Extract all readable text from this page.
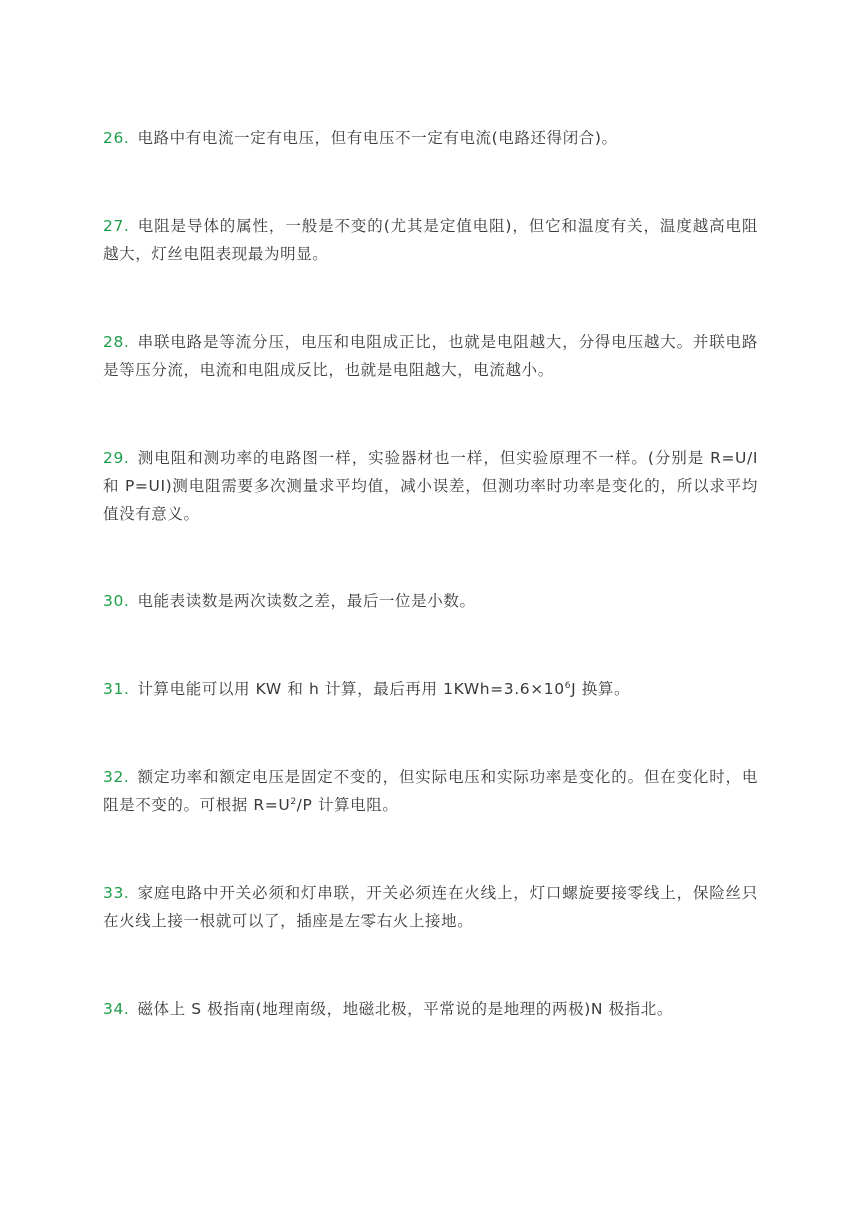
26. 电路中有电流一定有电压，但有电压不一定有电流(电路还得闭合)。

27. 电阻是导体的属性，一般是不变的(尤其是定值电阻)，但它和温度有关，温度越高电阻越大，灯丝电阻表现最为明显。

28. 串联电路是等流分压，电压和电阻成正比，也就是电阻越大，分得电压越大。并联电路是等压分流，电流和电阻成反比，也就是电阻越大，电流越小。

29. 测电阻和测功率的电路图一样，实验器材也一样，但实验原理不一样。(分别是 R=U/I 和 P=UI)测电阻需要多次测量求平均值，减小误差，但测功率时功率是变化的，所以求平均值没有意义。

30. 电能表读数是两次读数之差，最后一位是小数。

31. 计算电能可以用 KW 和 h 计算，最后再用 $1KWh=3.6\times 10^6J$ 换算。

32. 额定功率和额定电压是固定不变的，但实际电压和实际功率是变化的。但在变化时，电阻是不变的。可根据 $R=U^2/P$ 计算电阻。

33. 家庭电路中开关必须和灯串联，开关必须连在火线上，灯口螺旋要接零线上，保险丝只在火线上接一根就可以了，插座是左零右火上接地。

34. 磁体上 S 极指南(地理南级，地磁北极，平常说的是地理的两极)N 极指北。
